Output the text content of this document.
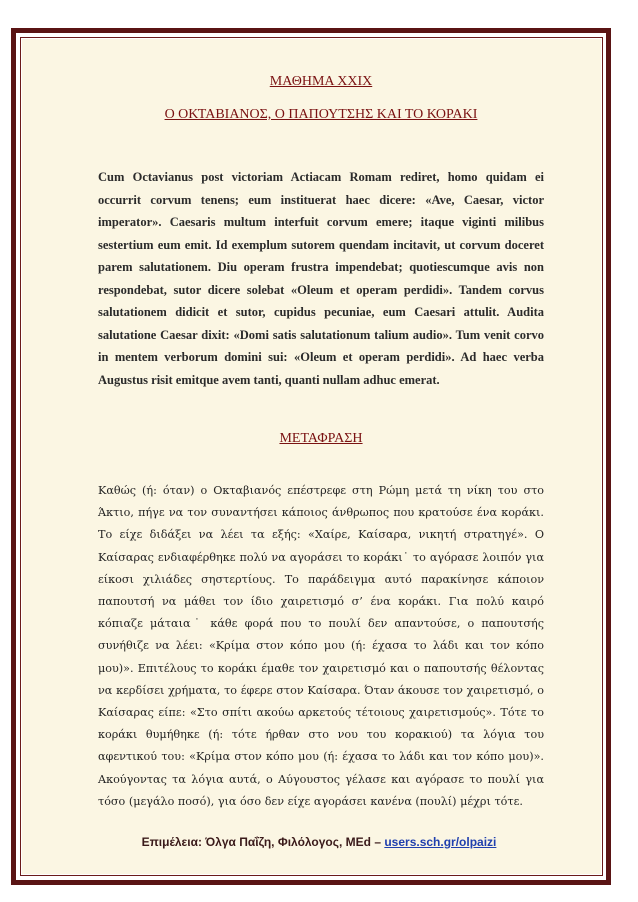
ΜΑΘΗΜΑ XXIX
Ο ΟΚΤΑΒΙΑΝΟΣ, Ο ΠΑΠΟΥΤΣΗΣ ΚΑΙ ΤΟ ΚΟΡΑΚΙ

Cum Octavianus post victoriam Actiacam Romam rediret, homo quidam ei occurrit corvum tenens; eum instituerat haec dicere: «Ave, Caesar, victor imperator». Caesaris multum interfuit corvum emere; itaque viginti milibus sestertium eum emit. Id exemplum sutorem quendam incitavit, ut corvum doceret parem salutationem. Diu operam frustra impendebat; quotiescumque avis non respondebat, sutor dicere solebat «Oleum et operam perdidi». Tandem corvus salutationem didicit et sutor, cupidus pecuniae, eum Caesari attulit. Audita salutatione Caesar dixit: «Domi satis salutationum talium audio». Tum venit corvo in mentem verborum domini sui: «Oleum et operam perdidi». Ad haec verba Augustus risit emitque avem tanti, quanti nullam adhuc emerat.

ΜΕΤΑΦΡΑΣΗ

Καθώς (ή: όταν) ο Οκταβιανός επέστρεφε στη Ρώμη μετά τη νίκη του στο Άκτιο, πήγε να τον συναντήσει κάποιος άνθρωπος που κρατούσε ένα κοράκι. Το είχε διδάξει να λέει τα εξής: «Χαίρε, Καίσαρα, νικητή στρατηγέ». Ο Καίσαρας ενδιαφέρθηκε πολύ να αγοράσει το κοράκι˙ το αγόρασε λοιπόν για είκοσι χιλιάδες σηστερτίους. Το παράδειγμα αυτό παρακίνησε κάποιον παπουτσή να μάθει τον ίδιο χαιρετισμό σ’ ένα κοράκι. Για πολύ καιρό κόπιαζε μάταια˙ κάθε φορά που το πουλί δεν απαντούσε, ο παπουτσής συνήθιζε να λέει: «Κρίμα στον κόπο μου (ή: έχασα το λάδι και τον κόπο μου)». Επιτέλους το κοράκι έμαθε τον χαιρετισμό και ο παπουτσής θέλοντας να κερδίσει χρήματα, το έφερε στον Καίσαρα. Όταν άκουσε τον χαιρετισμό, ο Καίσαρας είπε: «Στο σπίτι ακούω αρκετούς τέτοιους χαιρετισμούς». Τότε το κοράκι θυμήθηκε (ή: τότε ήρθαν στο νου του κορακιού) τα λόγια του αφεντικού του: «Κρίμα στον κόπο μου (ή: έχασα το λάδι και τον κόπο μου)». Ακούγοντας τα λόγια αυτά, ο Αύγουστος γέλασε και αγόρασε το πουλί για τόσο (μεγάλο ποσό), για όσο δεν είχε αγοράσει κανένα (πουλί) μέχρι τότε.

Επιμέλεια: Όλγα Παΐζη, Φιλόλογος, MEd – users.sch.gr/olpaizi
